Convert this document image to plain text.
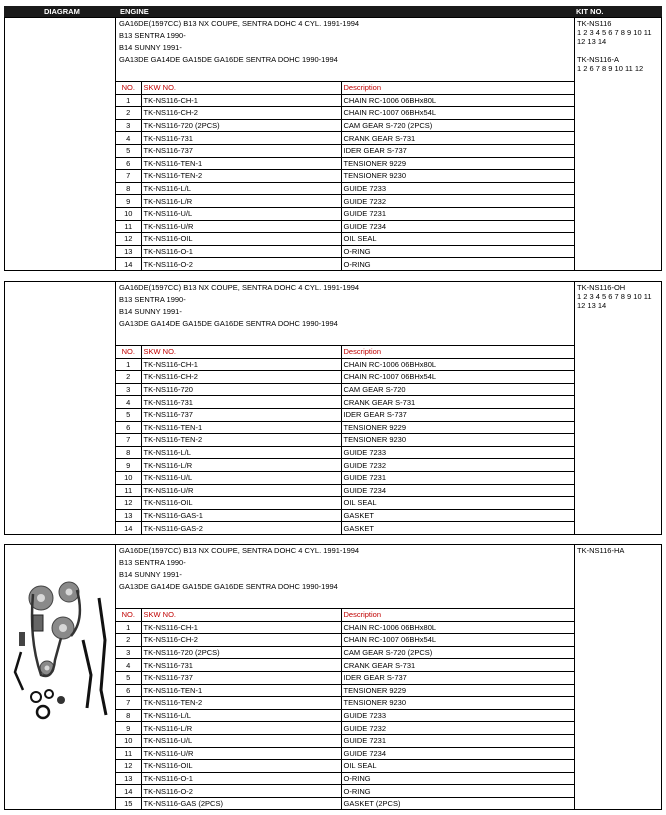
DIAGRAM	ENGINE	KIT NO.
GA16DE(1597CC) B13 NX COUPE, SENTRA DOHC 4 CYL. 1991-1994
B13 SENTRA 1990-
B14 SUNNY 1991-
GA13DE GA14DE GA15DE GA16DE SENTRA DOHC 1990-1994
NO.	SKW NO.	Description
1	TK-NS116-CH-1	CHAIN RC-1006 06BHx80L
2	TK-NS116-CH-2	CHAIN RC-1007 06BHx54L
3	TK-NS116-720 (2PCS)	CAM GEAR S-720 (2PCS)
4	TK-NS116-731	CRANK GEAR S-731
5	TK-NS116-737	IDER GEAR S-737
6	TK-NS116-TEN-1	TENSIONER 9229
7	TK-NS116-TEN-2	TENSIONER 9230
8	TK-NS116-L/L	GUIDE 7233
9	TK-NS116-L/R	GUIDE 7232
10	TK-NS116-U/L	GUIDE 7231
11	TK-NS116-U/R	GUIDE 7234
12	TK-NS116-OIL	OIL SEAL
13	TK-NS116-O-1	O-RING
14	TK-NS116-O-2	O-RING
TK-NS116
1 2 3 4 5 6 7 8 9 10 11
12 13 14
TK-NS116-A
1 2 6 7 8 9 10 11 12
GA16DE(1597CC) B13 NX COUPE, SENTRA DOHC 4 CYL. 1991-1994
B13 SENTRA 1990-
B14 SUNNY 1991-
GA13DE GA14DE GA15DE GA16DE SENTRA DOHC 1990-1994
NO.	SKW NO.	Description
1	TK-NS116-CH-1	CHAIN RC-1006 06BHx80L
2	TK-NS116-CH-2	CHAIN RC-1007 06BHx54L
3	TK-NS116-720	CAM GEAR S-720
4	TK-NS116-731	CRANK GEAR S-731
5	TK-NS116-737	IDER GEAR S-737
6	TK-NS116-TEN-1	TENSIONER 9229
7	TK-NS116-TEN-2	TENSIONER 9230
8	TK-NS116-L/L	GUIDE 7233
9	TK-NS116-L/R	GUIDE 7232
10	TK-NS116-U/L	GUIDE 7231
11	TK-NS116-U/R	GUIDE 7234
12	TK-NS116-OIL	OIL SEAL
13	TK-NS116-GAS-1	GASKET
14	TK-NS116-GAS-2	GASKET
TK-NS116-OH
1 2 3 4 5 6 7 8 9 10 11
12 13 14
GA16DE(1597CC) B13 NX COUPE, SENTRA DOHC 4 CYL. 1991-1994
B13 SENTRA 1990-
B14 SUNNY 1991-
GA13DE GA14DE GA15DE GA16DE SENTRA DOHC 1990-1994
NO.	SKW NO.	Description
1	TK-NS116-CH-1	CHAIN RC-1006 06BHx80L
2	TK-NS116-CH-2	CHAIN RC-1007 06BHx54L
3	TK-NS116-720 (2PCS)	CAM GEAR S-720 (2PCS)
4	TK-NS116-731	CRANK GEAR S-731
5	TK-NS116-737	IDER GEAR S-737
6	TK-NS116-TEN-1	TENSIONER 9229
7	TK-NS116-TEN-2	TENSIONER 9230
8	TK-NS116-L/L	GUIDE 7233
9	TK-NS116-L/R	GUIDE 7232
10	TK-NS116-U/L	GUIDE 7231
11	TK-NS116-U/R	GUIDE 7234
12	TK-NS116-OIL	OIL SEAL
13	TK-NS116-O-1	O-RING
14	TK-NS116-O-2	O-RING
15	TK-NS116-GAS (2PCS)	GASKET (2PCS)
TK-NS116-HA
